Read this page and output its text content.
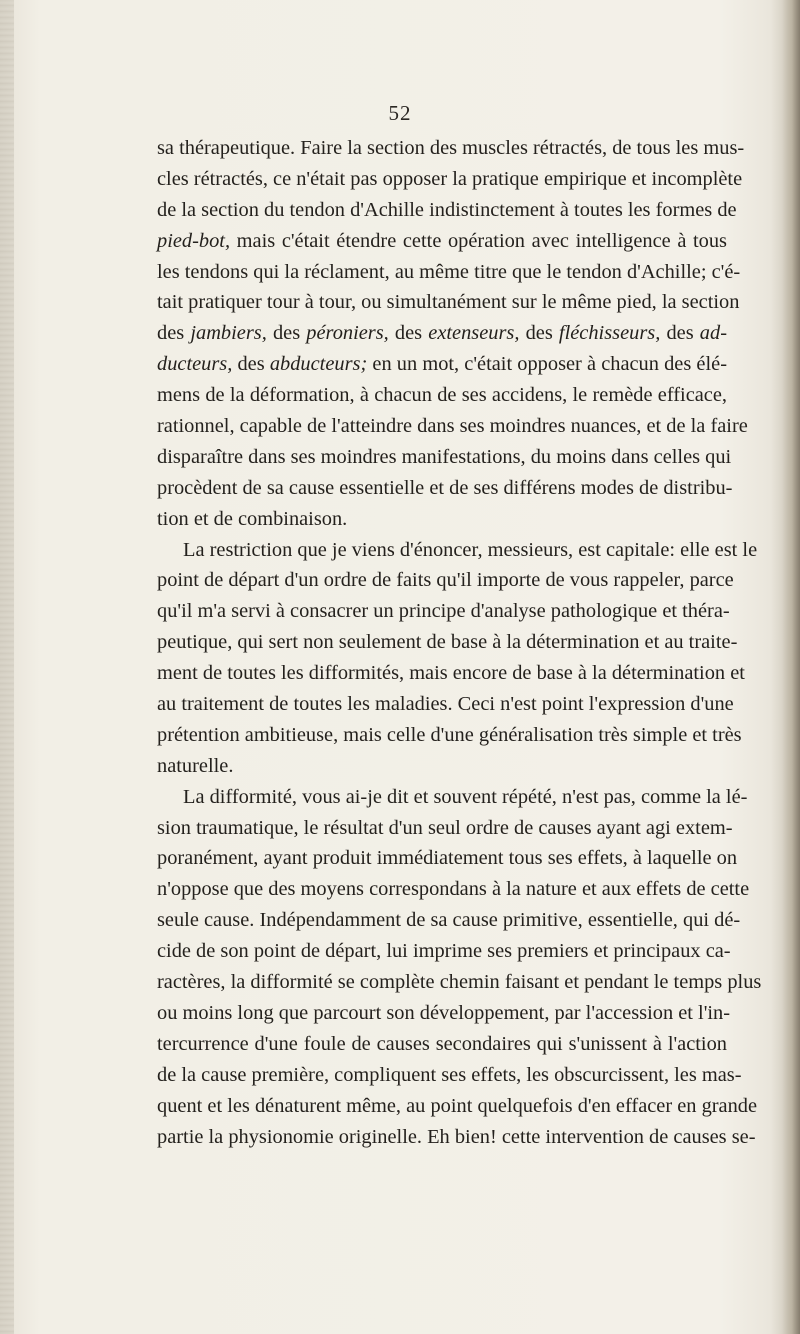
52
sa thérapeutique. Faire la section des muscles rétractés, de tous les mus-
cles rétractés, ce n'était pas opposer la pratique empirique et incomplète
de la section du tendon d'Achille indistinctement à toutes les formes de
pied-bot, mais c'était étendre cette opération avec intelligence à tous
les tendons qui la réclament, au même titre que le tendon d'Achille; c'é-
tait pratiquer tour à tour, ou simultanément sur le même pied, la section
des jambiers, des péroniers, des extenseurs, des fléchisseurs, des ad-
ducteurs, des abducteurs; en un mot, c'était opposer à chacun des élé-
mens de la déformation, à chacun de ses accidens, le remède efficace,
rationnel, capable de l'atteindre dans ses moindres nuances, et de la faire
disparaître dans ses moindres manifestations, du moins dans celles qui
procèdent de sa cause essentielle et de ses différens modes de distribu-
tion et de combinaison.
La restriction que je viens d'énoncer, messieurs, est capitale: elle est le
point de départ d'un ordre de faits qu'il importe de vous rappeler, parce
qu'il m'a servi à consacrer un principe d'analyse pathologique et théra-
peutique, qui sert non seulement de base à la détermination et au traite-
ment de toutes les difformités, mais encore de base à la détermination et
au traitement de toutes les maladies. Ceci n'est point l'expression d'une
prétention ambitieuse, mais celle d'une généralisation très simple et très
naturelle.
La difformité, vous ai-je dit et souvent répété, n'est pas, comme la lé-
sion traumatique, le résultat d'un seul ordre de causes ayant agi extem-
poranément, ayant produit immédiatement tous ses effets, à laquelle on
n'oppose que des moyens correspondans à la nature et aux effets de cette
seule cause. Indépendamment de sa cause primitive, essentielle, qui dé-
cide de son point de départ, lui imprime ses premiers et principaux ca-
ractères, la difformité se complète chemin faisant et pendant le temps plus
ou moins long que parcourt son développement, par l'accession et l'in-
tercurrence d'une foule de causes secondaires qui s'unissent à l'action
de la cause première, compliquent ses effets, les obscurcissent, les mas-
quent et les dénaturent même, au point quelquefois d'en effacer en grande
partie la physionomie originelle. Eh bien! cette intervention de causes se-
